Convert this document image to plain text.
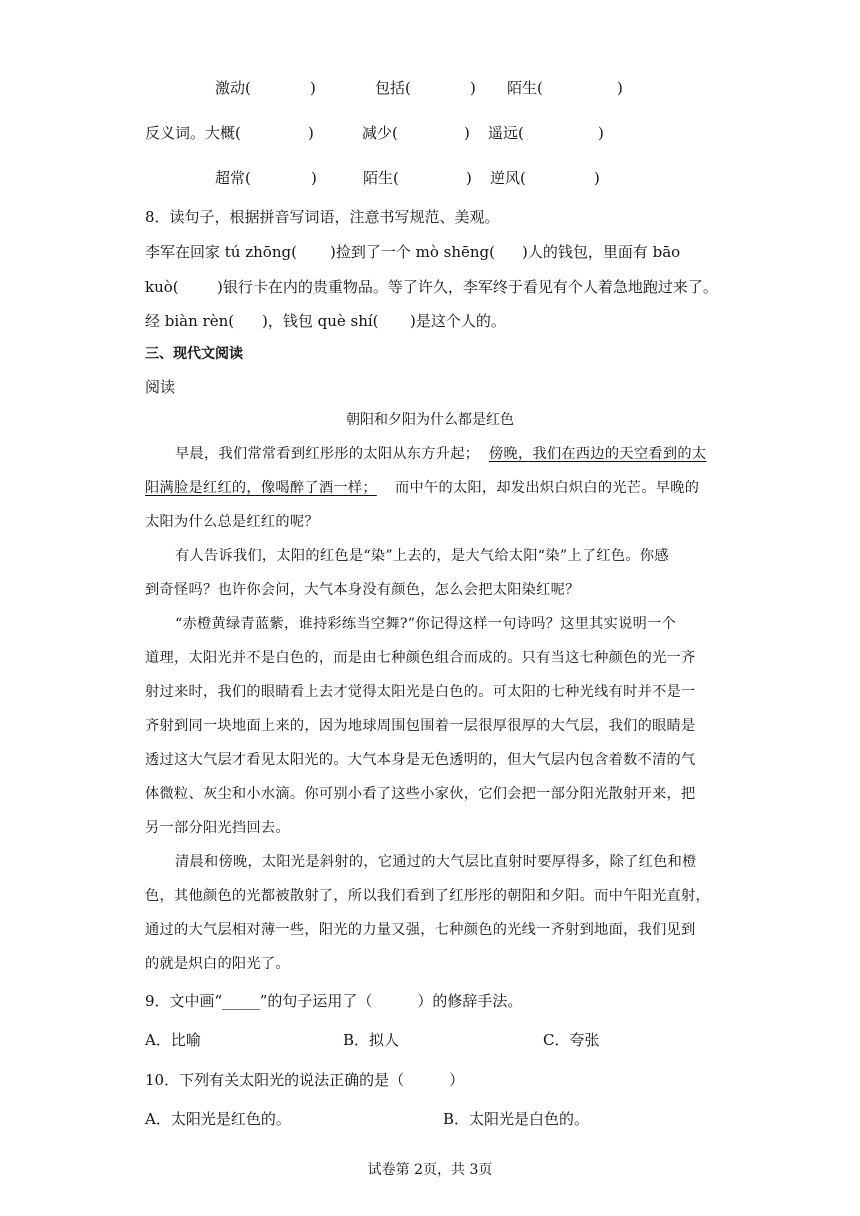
激动(	)	包括(	) 陌生(	)
反义词。大概(	)	减少(	) 遥远(	)
超常(	)	陌生(	) 逆风(	)
8．读句子，根据拼音写词语，注意书写规范、美观。
李军在回家 tú zhōng( )捡到了一个 mò shēng( )人的钱包，里面有 bāo
kuò(	)银行卡在内的贵重物品。等了许久，李军终于看见有个人着急地跑过来了。
经 biàn rèn( )，钱包 què shí( )是这个人的。
三、现代文阅读
阅读
朝阳和夕阳为什么都是红色
早晨，我们常常看到红彤彤的太阳从东方升起； 傍晚，我们在西边的天空看到的太
阳满脸是红红的，像喝醉了酒一样； 而中午的太阳，却发出炽白炽白的光芒。早晚的
太阳为什么总是红红的呢？
有人告诉我们，太阳的红色是“染”上去的，是大气给太阳“染”上了红色。你感
到奇怪吗？也许你会问，大气本身没有颜色，怎么会把太阳染红呢？
“赤橙黄绿青蓝紫，谁持彩练当空舞?”你记得这样一句诗吗？这里其实说明一个
道理，太阳光并不是白色的，而是由七种颜色组合而成的。只有当这七种颜色的光一齐
射过来时，我们的眼睛看上去才觉得太阳光是白色的。可太阳的七种光线有时并不是一
齐射到同一块地面上来的，因为地球周围包围着一层很厚很厚的大气层，我们的眼睛是
透过这大气层才看见太阳光的。大气本身是无色透明的，但大气层内包含着数不清的气
体微粒、灰尘和小水滴。你可别小看了这些小家伙，它们会把一部分阳光散射开来，把
另一部分阳光挡回去。
清晨和傍晚，太阳光是斜射的，它通过的大气层比直射时要厚得多，除了红色和橙
色，其他颜色的光都被散射了，所以我们看到了红彤彤的朝阳和夕阳。而中午阳光直射，
通过的大气层相对薄一些，阳光的力量又强，七种颜色的光线一齐射到地面，我们见到
的就是炽白的阳光了。
9．文中画“_____”的句子运用了（　　　）的修辞手法。
A．比喻	B．拟人	C．夸张
10．下列有关太阳光的说法正确的是（　　　）
A．太阳光是红色的。	B．太阳光是白色的。
试卷第 2页，共 3页
